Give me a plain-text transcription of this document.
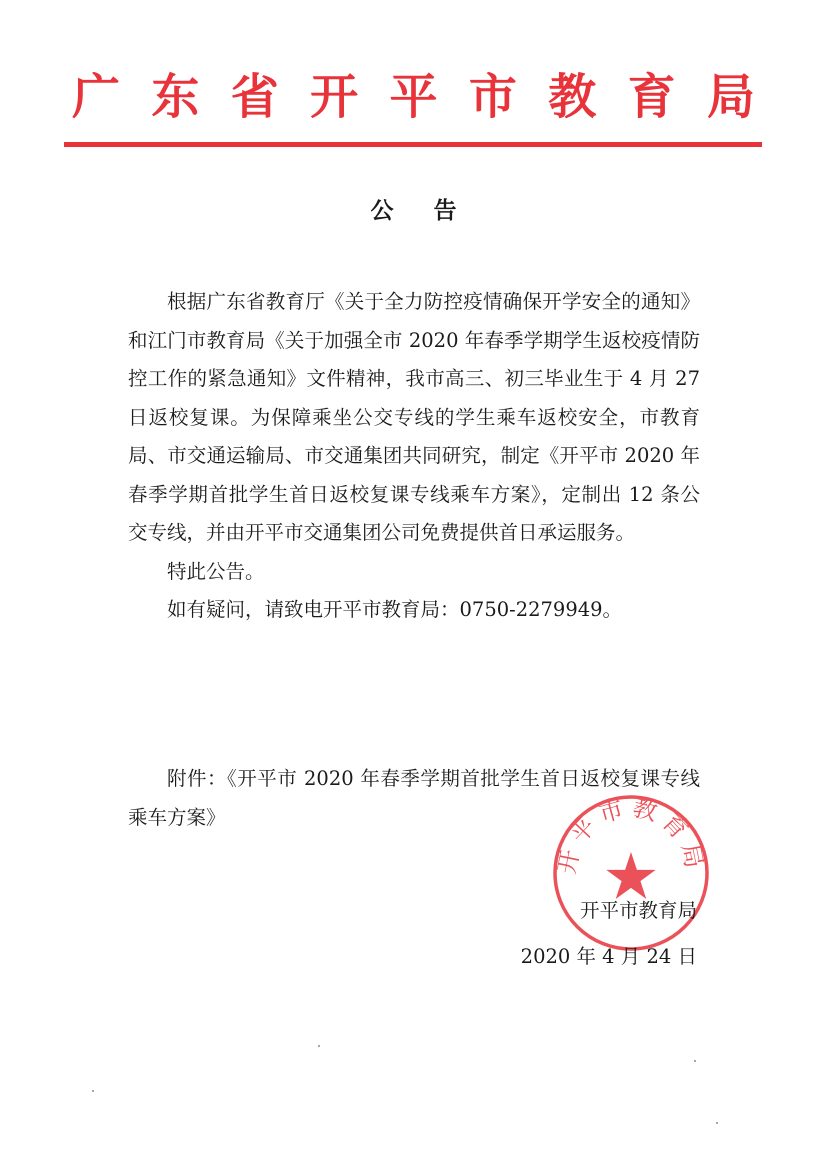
广 东 省 开 平 市 教 育 局
公告

根据广东省教育厅《关于全力防控疫情确保开学安全的通知》和江门市教育局《关于加强全市 2020 年春季学期学生返校疫情防控工作的紧急通知》文件精神，我市高三、初三毕业生于 4 月 27 日返校复课。为保障乘坐公交专线的学生乘车返校安全，市教育局、市交通运输局、市交通集团共同研究，制定《开平市 2020 年春季学期首批学生首日返校复课专线乘车方案》，定制出 12 条公交专线，并由开平市交通集团公司免费提供首日承运服务。

特此公告。

如有疑问，请致电开平市教育局：0750-2279949。

附件：《开平市 2020 年春季学期首批学生首日返校复课专线乘车方案》

开平市教育局
开平市教育局
2020 年 4 月 24 日
